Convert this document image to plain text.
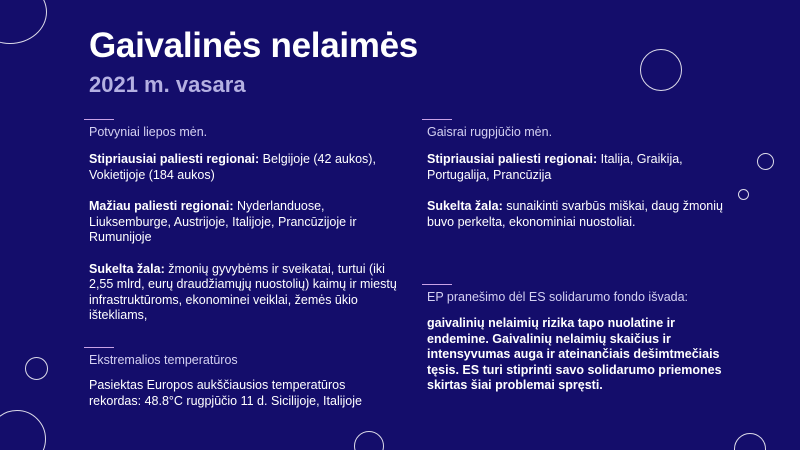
Gaivalinės nelaimės
2021 m. vasara
Potvyniai liepos mėn.

Stipriausiai paliesti regionai: Belgijoje (42 aukos), Vokietijoje (184 aukos)

Mažiau paliesti regionai: Nyderlanduose, Liuksemburge, Austrijoje, Italijoje, Prancūzijoje ir Rumunijoje

Sukelta žala: žmonių gyvybėms ir sveikatai, turtui (iki 2,55 mlrd, eurų draudžiamųjų nuostolių) kaimų ir miestų infrastruktūroms, ekonominei veiklai, žemės ūkio ištekliams,

Ekstremalios temperatūros

Pasiektas Europos aukščiausios temperatūros rekordas: 48.8°C rugpjūčio 11 d. Sicilijoje, Italijoje

Gaisrai rugpjūčio mėn.

Stipriausiai paliesti regionai: Italija, Graikija, Portugalija, Prancūzija

Sukelta žala: sunaikinti svarbūs miškai, daug žmonių buvo perkelta, ekonominiai nuostoliai.

EP pranešimo dėl ES solidarumo fondo išvada:

gaivalinių nelaimių rizika tapo nuolatine ir endemine. Gaivalinių nelaimių skaičius ir intensyvumas auga ir ateinančiais dešimtmečiais tęsis. ES turi stiprinti savo solidarumo priemones skirtas šiai problemai spręsti.
